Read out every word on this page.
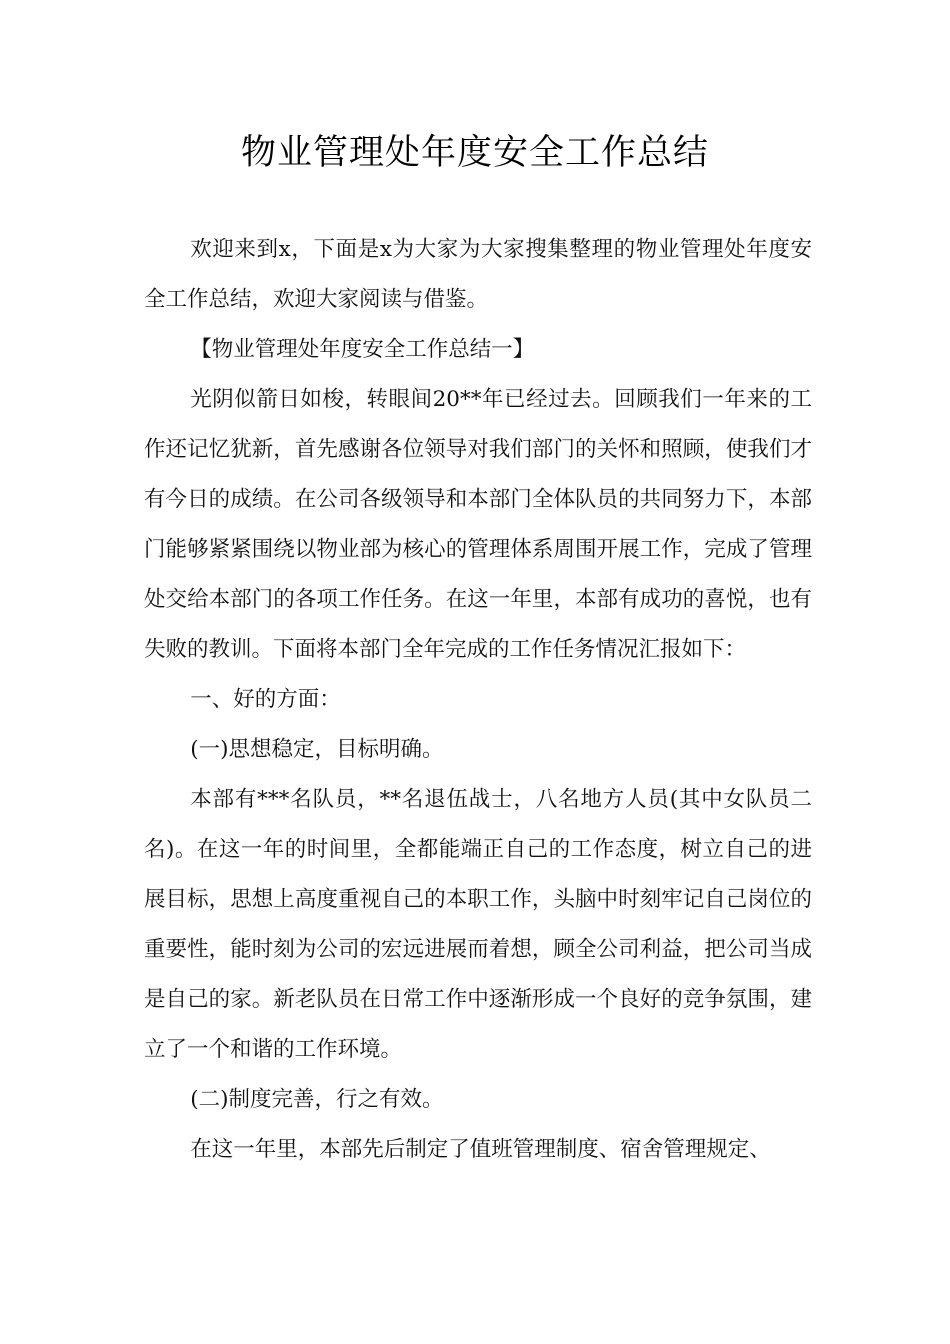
物业管理处年度安全工作总结

欢迎来到x，下面是x为大家为大家搜集整理的物业管理处年度安全工作总结，欢迎大家阅读与借鉴。

【物业管理处年度安全工作总结一】

光阴似箭日如梭，转眼间20**年已经过去。回顾我们一年来的工作还记忆犹新，首先感谢各位领导对我们部门的关怀和照顾，使我们才有今日的成绩。在公司各级领导和本部门全体队员的共同努力下，本部门能够紧紧围绕以物业部为核心的管理体系周围开展工作，完成了管理处交给本部门的各项工作任务。在这一年里，本部有成功的喜悦，也有失败的教训。下面将本部门全年完成的工作任务情况汇报如下：

一、好的方面：

(一)思想稳定，目标明确。

本部有***名队员，**名退伍战士，八名地方人员(其中女队员二名)。在这一年的时间里，全都能端正自己的工作态度，树立自己的进展目标，思想上高度重视自己的本职工作，头脑中时刻牢记自己岗位的重要性，能时刻为公司的宏远进展而着想，顾全公司利益，把公司当成是自己的家。新老队员在日常工作中逐渐形成一个良好的竞争氛围，建立了一个和谐的工作环境。

(二)制度完善，行之有效。

在这一年里，本部先后制定了值班管理制度、宿舍管理规定、
